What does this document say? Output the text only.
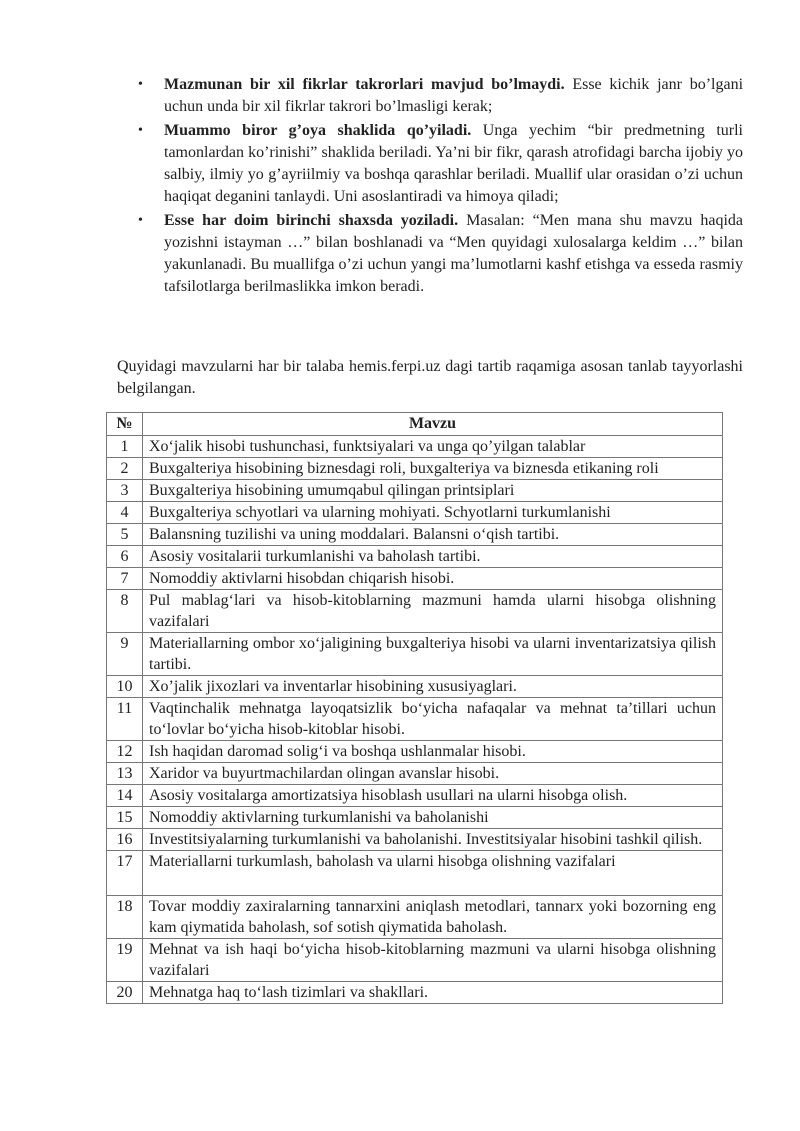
• Mazmunan bir xil fikrlar takrorlari mavjud bo’lmaydi. Esse kichik janr bo’lgani uchun unda bir xil fikrlar takrori bo’lmasligi kerak;
• Muammo biror g’oya shaklida qo’yiladi. Unga yechim “bir predmetning turli tamonlardan ko’rinishi” shaklida beriladi. Ya’ni bir fikr, qarash atrofidagi barcha ijobiy yo salbiy, ilmiy yo g’ayriilmiy va boshqa qarashlar beriladi. Muallif ular orasidan o’zi uchun haqiqat deganini tanlaydi. Uni asoslantiradi va himoya qiladi;
• Esse har doim birinchi shaxsda yoziladi. Masalan: “Men mana shu mavzu haqida yozishni istayman …” bilan boshlanadi va “Men quyidagi xulosalarga keldim …” bilan yakunlanadi. Bu muallifga o’zi uchun yangi ma’lumotlarni kashf etishga va esseda rasmiy tafsilotlarga berilmaslikka imkon beradi.

Quyidagi mavzularni har bir talaba hemis.ferpi.uz dagi tartib raqamiga asosan tanlab tayyorlashi belgilangan.

№	Mavzu
1	Xo‘jalik hisobi tushunchasi, funktsiyalari va unga qo’yilgan talablar
2	Buxgalteriya hisobining biznesdagi roli, buxgalteriya va biznesda etikaning roli
3	Buxgalteriya hisobining umumqabul qilingan printsiplari
4	Buxgalteriya schyotlari va ularning mohiyati. Schyotlarni turkumlanishi
5	Balansning tuzilishi va uning moddalari. Balansni o‘qish tartibi.
6	Asosiy vositalarii turkumlanishi va baholash tartibi.
7	Nomoddiy aktivlarni hisobdan chiqarish hisobi.
8	Pul mablag‘lari va hisob-kitoblarning mazmuni hamda ularni hisobga olishning vazifalari
9	Materiallarning ombor xo‘jaligining buxgalteriya hisobi va ularni inventarizatsiya qilish tartibi.
10	Xo’jalik jixozlari va inventarlar hisobining xususiyaglari.
11	Vaqtinchalik mehnatga layoqatsizlik bo‘yicha nafaqalar va mehnat ta’tillari uchun to‘lovlar bo‘yicha hisob-kitoblar hisobi.
12	Ish haqidan daromad solig‘i va boshqa ushlanmalar hisobi.
13	Xaridor va buyurtmachilardan olingan avanslar hisobi.
14	Asosiy vositalarga amortizatsiya hisoblash usullari na ularni hisobga olish.
15	Nomoddiy aktivlarning turkumlanishi va baholanishi
16	Investitsiyalarning turkumlanishi va baholanishi. Investitsiyalar hisobini tashkil qilish.
17	Materiallarni turkumlash, baholash va ularni hisobga olishning vazifalari
18	Tovar moddiy zaxiralarning tannarxini aniqlash metodlari, tannarx yoki bozorning eng kam qiymatida baholash, sof sotish qiymatida baholash.
19	Mehnat va ish haqi bo‘yicha hisob-kitoblarning mazmuni va ularni hisobga olishning vazifalari
20	Mehnatga haq to‘lash tizimlari va shakllari.
